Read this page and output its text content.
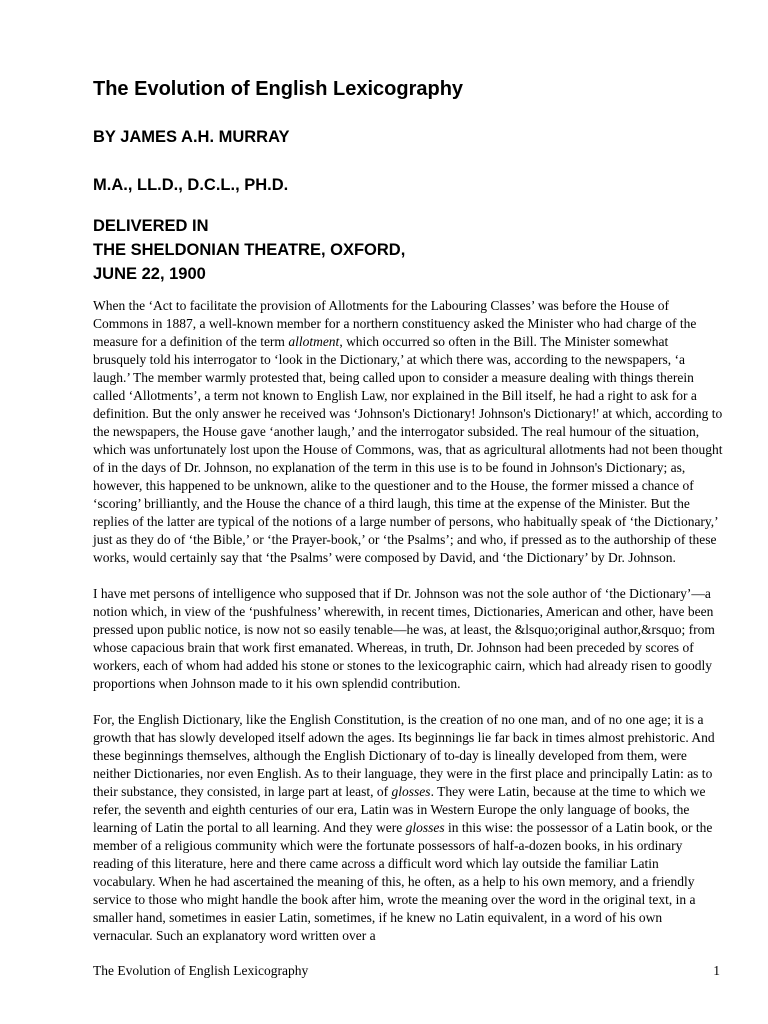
The Evolution of English Lexicography
BY JAMES A.H. MURRAY
M.A., LL.D., D.C.L., PH.D.
DELIVERED IN
THE SHELDONIAN THEATRE, OXFORD,
JUNE 22, 1900

When the ‘Act to facilitate the provision of Allotments for the Labouring Classes’ was before the House of Commons in 1887, a well-known member for a northern constituency asked the Minister who had charge of the measure for a definition of the term allotment, which occurred so often in the Bill. The Minister somewhat brusquely told his interrogator to ‘look in the Dictionary,’ at which there was, according to the newspapers, ‘a laugh.’ The member warmly protested that, being called upon to consider a measure dealing with things therein called ‘Allotments’, a term not known to English Law, nor explained in the Bill itself, he had a right to ask for a definition. But the only answer he received was ‘Johnson's Dictionary! Johnson's Dictionary!' at which, according to the newspapers, the House gave ‘another laugh,’ and the interrogator subsided. The real humour of the situation, which was unfortunately lost upon the House of Commons, was, that as agricultural allotments had not been thought of in the days of Dr. Johnson, no explanation of the term in this use is to be found in Johnson's Dictionary; as, however, this happened to be unknown, alike to the questioner and to the House, the former missed a chance of ‘scoring’ brilliantly, and the House the chance of a third laugh, this time at the expense of the Minister. But the replies of the latter are typical of the notions of a large number of persons, who habitually speak of ‘the Dictionary,’ just as they do of ‘the Bible,’ or ‘the Prayer-book,’ or ‘the Psalms’; and who, if pressed as to the authorship of these works, would certainly say that ‘the Psalms’ were composed by David, and ‘the Dictionary’ by Dr. Johnson.

I have met persons of intelligence who supposed that if Dr. Johnson was not the sole author of ‘the Dictionary’—a notion which, in view of the ‘pushfulness’ wherewith, in recent times, Dictionaries, American and other, have been pressed upon public notice, is now not so easily tenable—he was, at least, the &lsquo;original author,&rsquo; from whose capacious brain that work first emanated. Whereas, in truth, Dr. Johnson had been preceded by scores of workers, each of whom had added his stone or stones to the lexicographic cairn, which had already risen to goodly proportions when Johnson made to it his own splendid contribution.

For, the English Dictionary, like the English Constitution, is the creation of no one man, and of no one age; it is a growth that has slowly developed itself adown the ages. Its beginnings lie far back in times almost prehistoric. And these beginnings themselves, although the English Dictionary of to-day is lineally developed from them, were neither Dictionaries, nor even English. As to their language, they were in the first place and principally Latin: as to their substance, they consisted, in large part at least, of glosses. They were Latin, because at the time to which we refer, the seventh and eighth centuries of our era, Latin was in Western Europe the only language of books, the learning of Latin the portal to all learning. And they were glosses in this wise: the possessor of a Latin book, or the member of a religious community which were the fortunate possessors of half-a-dozen books, in his ordinary reading of this literature, here and there came across a difficult word which lay outside the familiar Latin vocabulary. When he had ascertained the meaning of this, he often, as a help to his own memory, and a friendly service to those who might handle the book after him, wrote the meaning over the word in the original text, in a smaller hand, sometimes in easier Latin, sometimes, if he knew no Latin equivalent, in a word of his own vernacular. Such an explanatory word written over a

The Evolution of English Lexicography	1
